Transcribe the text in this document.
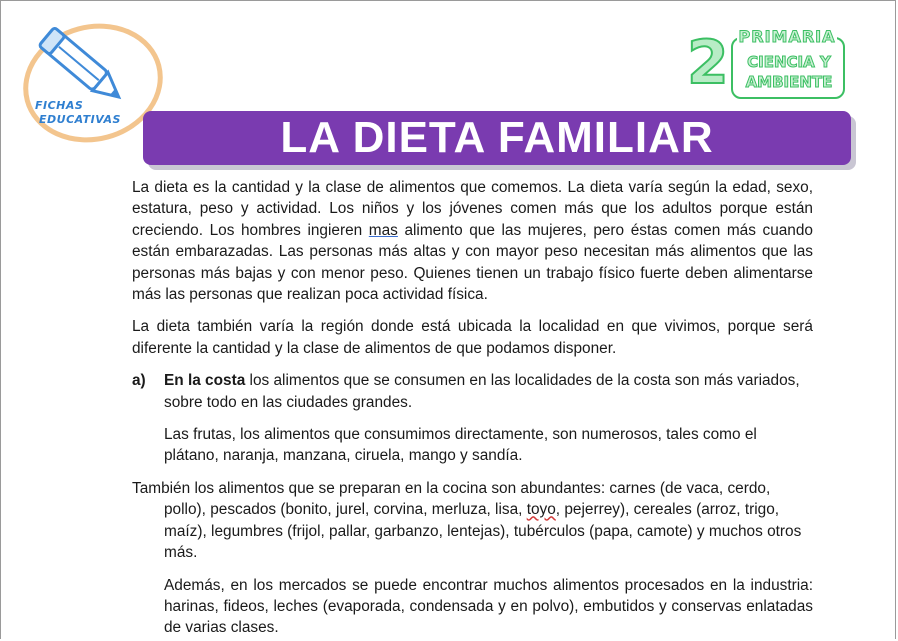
FICHAS
EDUCATIVAS
2 PRIMARIA
CIENCIA Y
AMBIENTE
LA DIETA FAMILIAR

La dieta es la cantidad y la clase de alimentos que comemos. La dieta varía según la edad, sexo, estatura, peso y actividad. Los niños y los jóvenes comen más que los adultos porque están creciendo. Los hombres ingieren mas alimento que las mujeres, pero éstas comen más cuando están embarazadas. Las personas más altas y con mayor peso necesitan más alimentos que las personas más bajas y con menor peso. Quienes tienen un trabajo físico fuerte deben alimentarse más las personas que realizan poca actividad física.

La dieta también varía la región donde está ubicada la localidad en que vivimos, porque será diferente la cantidad y la clase de alimentos de que podamos disponer.

a) En la costa los alimentos que se consumen en las localidades de la costa son más variados, sobre todo en las ciudades grandes.

Las frutas, los alimentos que consumimos directamente, son numerosos, tales como el plátano, naranja, manzana, ciruela, mango y sandía.

También los alimentos que se preparan en la cocina son abundantes: carnes (de vaca, cerdo, pollo), pescados (bonito, jurel, corvina, merluza, lisa, toyo, pejerrey), cereales (arroz, trigo, maíz), legumbres (frijol, pallar, garbanzo, lentejas), tubérculos (papa, camote) y muchos otros más.

Además, en los mercados se puede encontrar muchos alimentos procesados en la industria: harinas, fideos, leches (evaporada, condensada y en polvo), embutidos y conservas enlatadas de varias clases.
